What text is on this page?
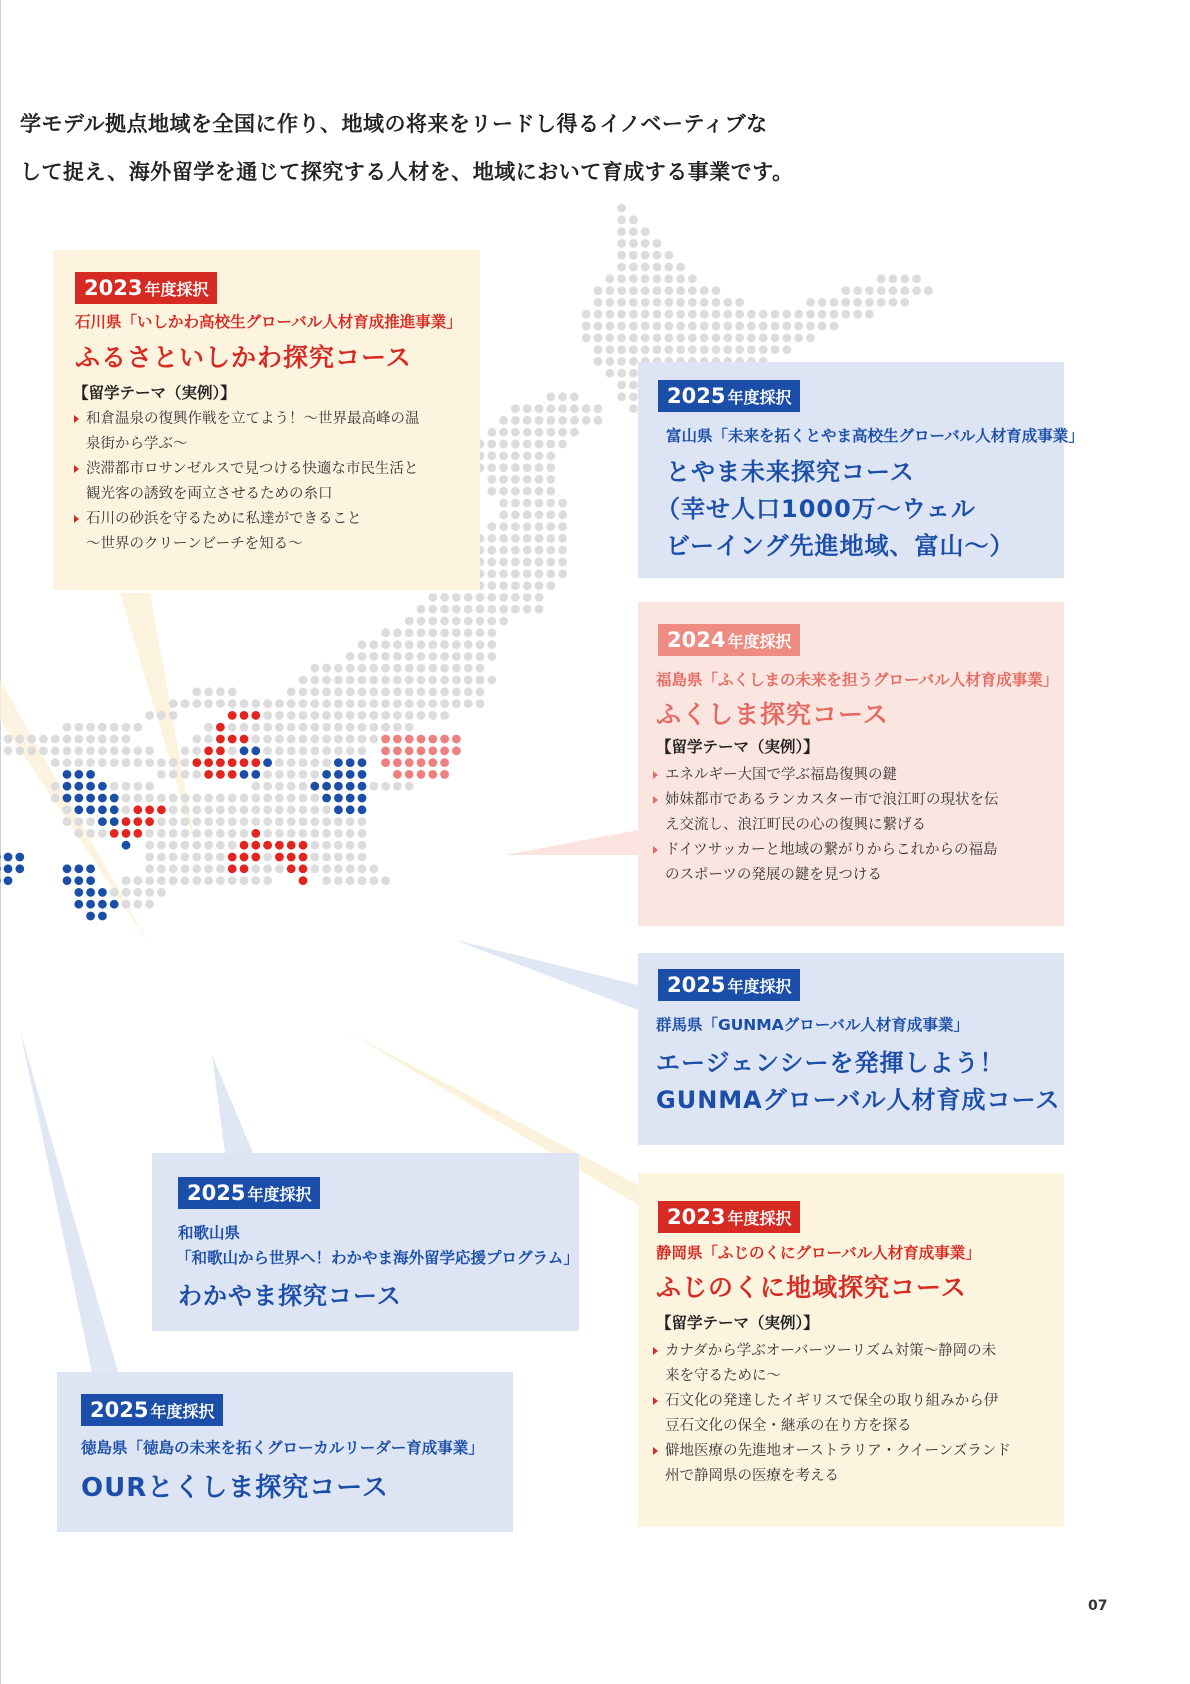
学モデル拠点地域を全国に作り、地域の将来をリードし得るイノベーティブな
して捉え、海外留学を通じて探究する人材を、地域において育成する事業です。
2023 年度採択
石川県「いしかわ高校生グローバル人材育成推進事業」
ふるさといしかわ探究コース
【留学テーマ（実例）】
和倉温泉の復興作戦を立てよう！〜世界最高峰の温
泉街から学ぶ〜
渋滞都市ロサンゼルスで見つける快適な市民生活と
観光客の誘致を両立させるための糸口
石川の砂浜を守るために私達ができること
〜世界のクリーンビーチを知る〜
2025 年度採択
富山県「未来を拓くとやま高校生グローバル人材育成事業」
とやま未来探究コース
（幸せ人口1000万〜ウェル
ビーイング先進地域、富山〜）
2024 年度採択
福島県「ふくしまの未来を担うグローバル人材育成事業」
ふくしま探究コース
【留学テーマ（実例）】
エネルギー大国で学ぶ福島復興の鍵
姉妹都市であるランカスター市で浪江町の現状を伝
え交流し、浪江町民の心の復興に繋げる
ドイツサッカーと地域の繋がりからこれからの福島
のスポーツの発展の鍵を見つける
2025 年度採択
群馬県「GUNMAグローバル人材育成事業」
エージェンシーを発揮しよう！
GUNMAグローバル人材育成コース
2025 年度採択
和歌山県
「和歌山から世界へ！わかやま海外留学応援プログラム」
わかやま探究コース
2023 年度採択
静岡県「ふじのくにグローバル人材育成事業」
ふじのくに地域探究コース
【留学テーマ（実例）】
カナダから学ぶオーバーツーリズム対策〜静岡の未
来を守るために〜
石文化の発達したイギリスで保全の取り組みから伊
豆石文化の保全・継承の在り方を探る
僻地医療の先進地オーストラリア・クイーンズランド
州で静岡県の医療を考える
2025 年度採択
徳島県「徳島の未来を拓くグローカルリーダー育成事業」
OURとくしま探究コース
07
